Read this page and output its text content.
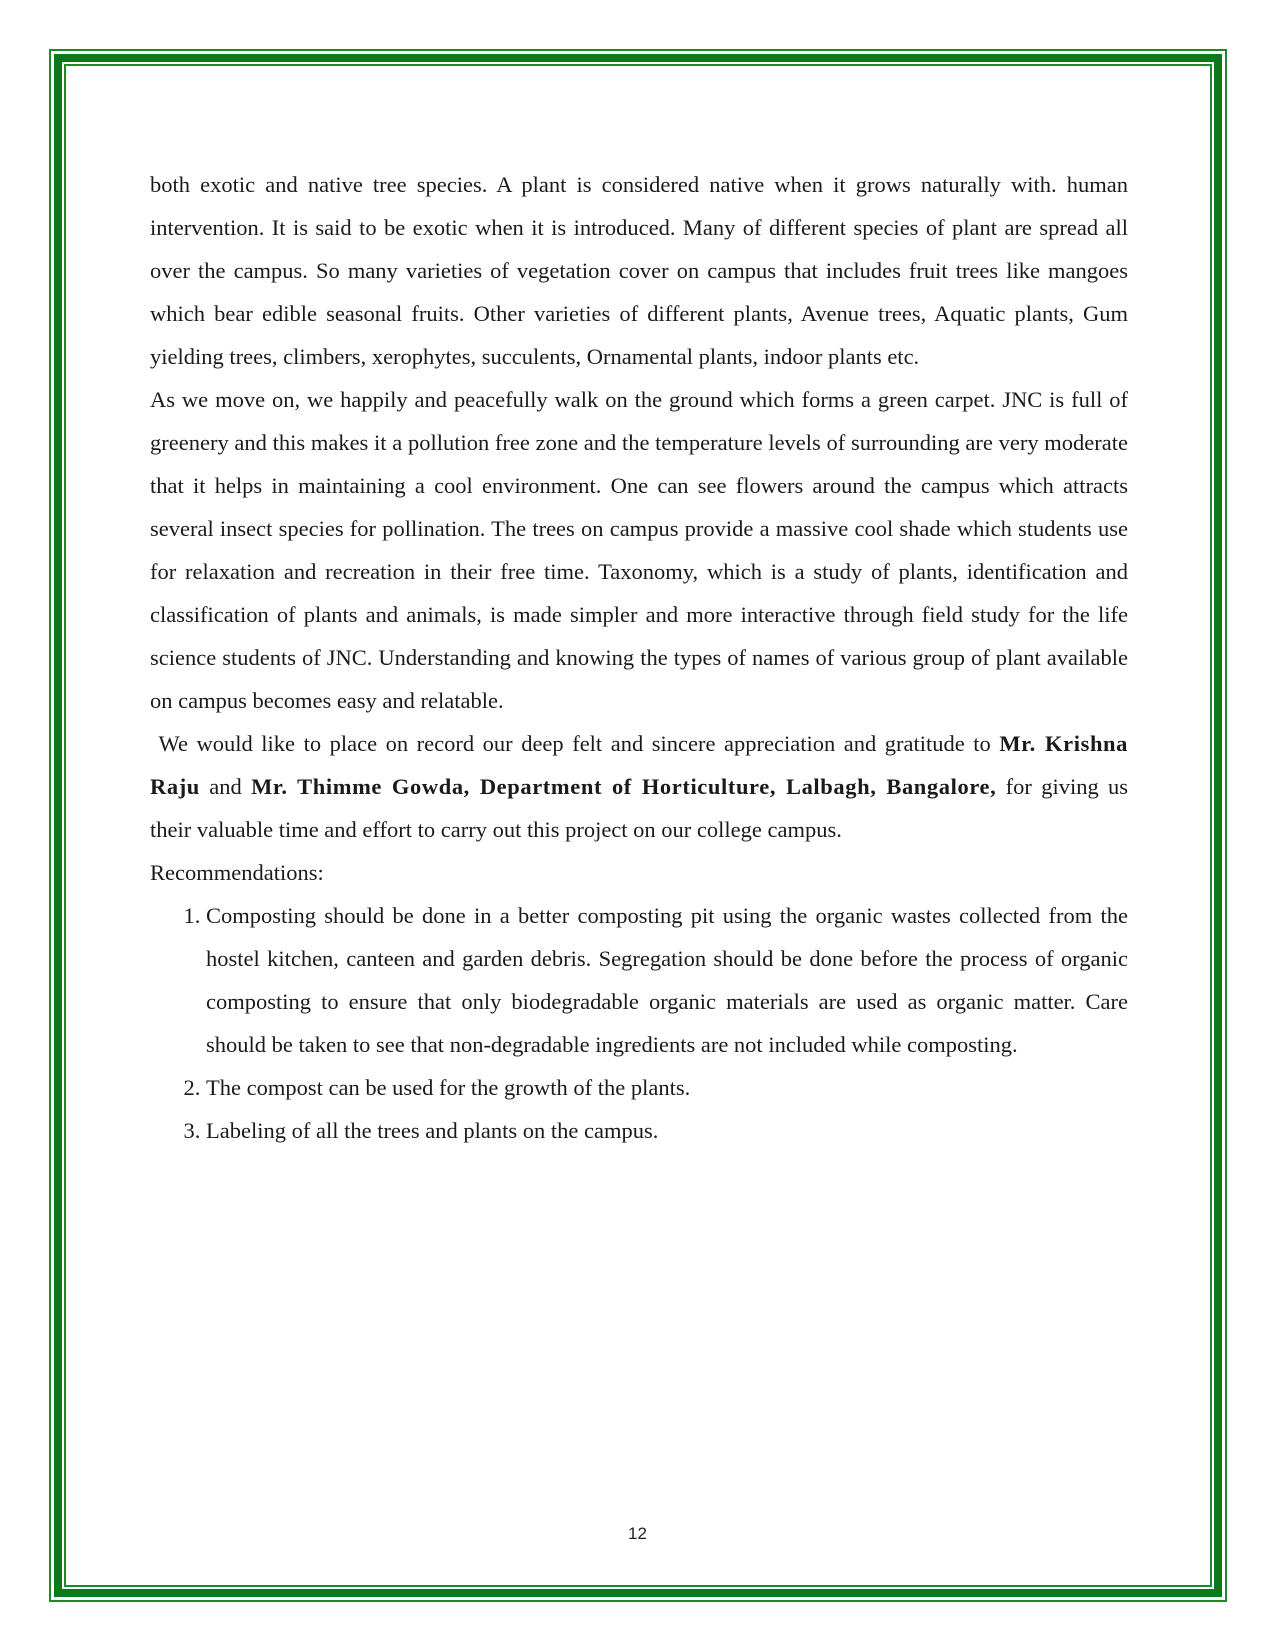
both exotic and native tree species. A plant is considered native when it grows naturally with. human intervention. It is said to be exotic when it is introduced. Many of different species of plant are spread all over the campus. So many varieties of vegetation cover on campus that includes fruit trees like mangoes which bear edible seasonal fruits. Other varieties of different plants, Avenue trees, Aquatic plants, Gum yielding trees, climbers, xerophytes, succulents, Ornamental plants, indoor plants etc.

As we move on, we happily and peacefully walk on the ground which forms a green carpet. JNC is full of greenery and this makes it a pollution free zone and the temperature levels of surrounding are very moderate that it helps in maintaining a cool environment. One can see flowers around the campus which attracts several insect species for pollination. The trees on campus provide a massive cool shade which students use for relaxation and recreation in their free time. Taxonomy, which is a study of plants, identification and classification of plants and animals, is made simpler and more interactive through field study for the life science students of JNC. Understanding and knowing the types of names of various group of plant available on campus becomes easy and relatable.

We would like to place on record our deep felt and sincere appreciation and gratitude to Mr. Krishna Raju and Mr. Thimme Gowda, Department of Horticulture, Lalbagh, Bangalore, for giving us their valuable time and effort to carry out this project on our college campus.

Recommendations:

1. Composting should be done in a better composting pit using the organic wastes collected from the hostel kitchen, canteen and garden debris. Segregation should be done before the process of organic composting to ensure that only biodegradable organic materials are used as organic matter. Care should be taken to see that non-degradable ingredients are not included while composting.
2. The compost can be used for the growth of the plants.
3. Labeling of all the trees and plants on the campus.
12
